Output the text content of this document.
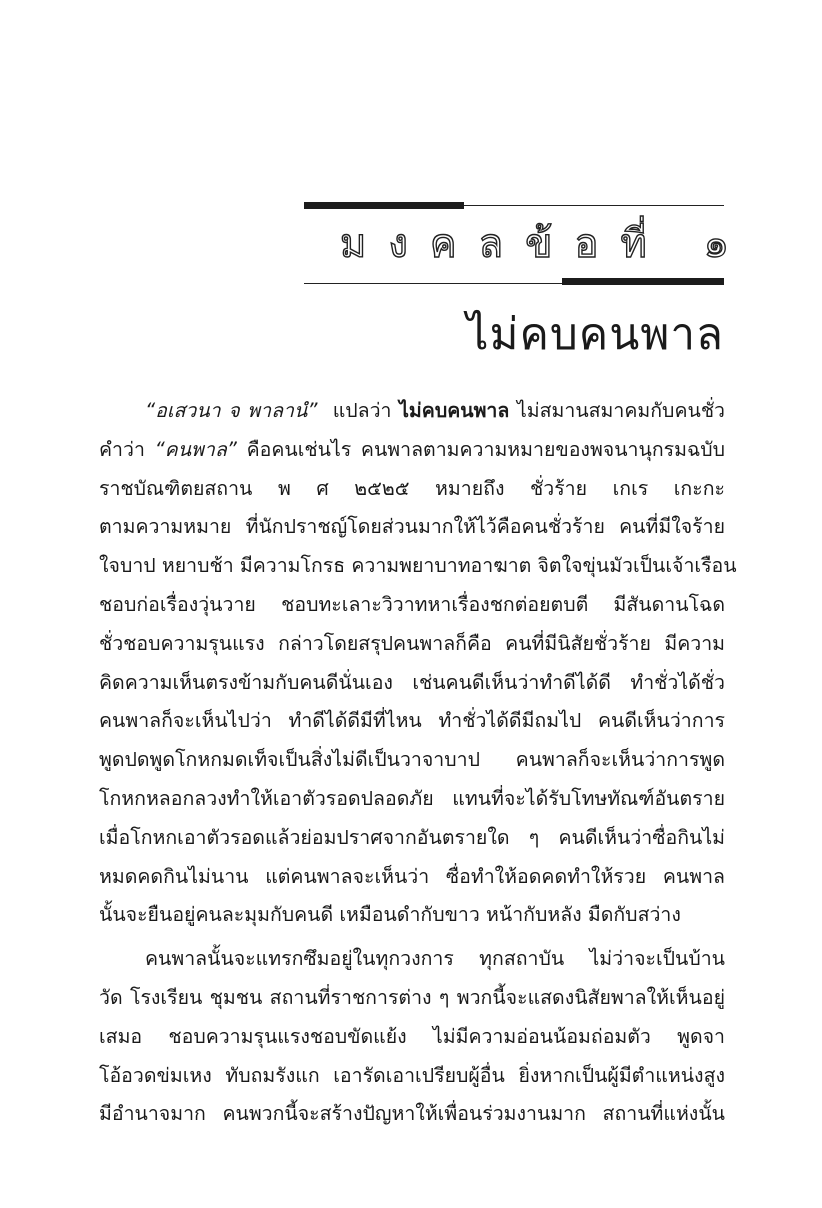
มงคลข้อที่ ๑
ไม่คบคนพาล
“อเสวนา จ พาลานํ”  แปลว่า ไม่คบคนพาล ไม่สมานสมาคมกับคนชั่ว
คำว่า “คนพาล” คือคนเช่นไร คนพาลตามความหมายของพจนานุกรมฉบับ
ราชบัณฑิตยสถาน พ ศ ๒๕๒๕ หมายถึง ชั่วร้าย เกเร เกะกะ
ตามความหมาย ที่นักปราชญ์โดยส่วนมากให้ไว้คือคนชั่วร้าย คนที่มีใจร้าย
ใจบาป หยาบช้า มีความโกรธ ความพยาบาทอาฆาต จิตใจขุ่นมัวเป็นเจ้าเรือน
ชอบก่อเรื่องวุ่นวาย ชอบทะเลาะวิวาทหาเรื่องชกต่อยตบตี มีสันดานโฉด
ชั่วชอบความรุนแรง กล่าวโดยสรุปคนพาลก็คือ คนที่มีนิสัยชั่วร้าย มีความ
คิดความเห็นตรงข้ามกับคนดีนั่นเอง เช่นคนดีเห็นว่าทำดีได้ดี ทำชั่วได้ชั่ว
คนพาลก็จะเห็นไปว่า ทำดีได้ดีมีที่ไหน ทำชั่วได้ดีมีถมไป คนดีเห็นว่าการ
พูดปดพูดโกหกมดเท็จเป็นสิ่งไม่ดีเป็นวาจาบาป คนพาลก็จะเห็นว่าการพูด
โกหกหลอกลวงทำให้เอาตัวรอดปลอดภัย แทนที่จะได้รับโทษทัณฑ์อันตราย
เมื่อโกหกเอาตัวรอดแล้วย่อมปราศจากอันตรายใด ๆ คนดีเห็นว่าซื่อกินไม่
หมดคดกินไม่นาน แต่คนพาลจะเห็นว่า ซื่อทำให้อดคดทำให้รวย คนพาล
นั้นจะยืนอยู่คนละมุมกับคนดี เหมือนดำกับขาว หน้ากับหลัง มืดกับสว่าง
คนพาลนั้นจะแทรกซึมอยู่ในทุกวงการ ทุกสถาบัน ไม่ว่าจะเป็นบ้าน
วัด โรงเรียน ชุมชน สถานที่ราชการต่าง ๆ พวกนี้จะแสดงนิสัยพาลให้เห็นอยู่
เสมอ ชอบความรุนแรงชอบขัดแย้ง ไม่มีความอ่อนน้อมถ่อมตัว พูดจา
โอ้อวดข่มเหง ทับถมรังแก เอารัดเอาเปรียบผู้อื่น ยิ่งหากเป็นผู้มีตำแหน่งสูง
มีอำนาจมาก คนพวกนี้จะสร้างปัญหาให้เพื่อนร่วมงานมาก สถานที่แห่งนั้น
